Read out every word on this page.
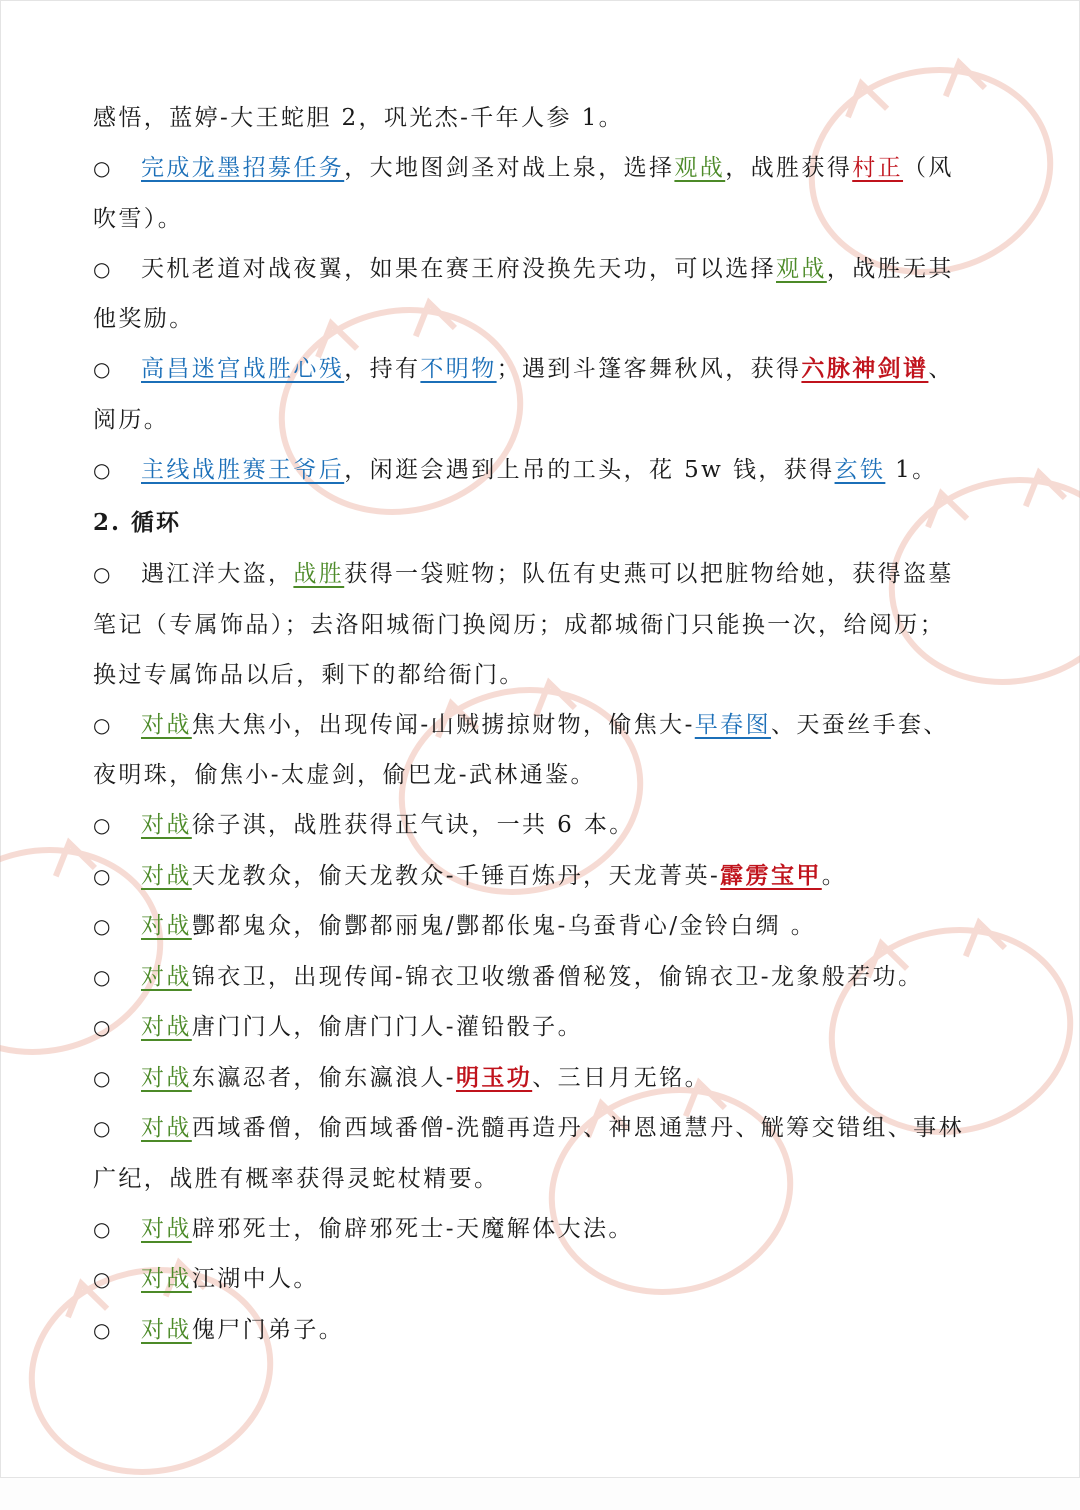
感悟，蓝婷-大王蛇胆 2，巩光杰-千年人参 1。
○ 完成龙墨招募任务，大地图剑圣对战上泉，选择观战，战胜获得村正（风
吹雪）。
○ 天机老道对战夜翼，如果在赛王府没换先天功，可以选择观战，战胜无其
他奖励。
○ 高昌迷宫战胜心残，持有不明物；遇到斗篷客舞秋风，获得六脉神剑谱、
阅历。
○ 主线战胜赛王爷后，闲逛会遇到上吊的工头，花 5w 钱，获得玄铁 1。
2. 循环
○ 遇江洋大盗，战胜获得一袋赃物；队伍有史燕可以把脏物给她，获得盗墓
笔记（专属饰品）；去洛阳城衙门换阅历；成都城衙门只能换一次，给阅历；
换过专属饰品以后，剩下的都给衙门。
○ 对战焦大焦小，出现传闻-山贼掳掠财物，偷焦大-早春图、天蚕丝手套、
夜明珠，偷焦小-太虚剑，偷巴龙-武林通鉴。
○ 对战徐子淇，战胜获得正气诀，一共 6 本。
○ 对战天龙教众，偷天龙教众-千锤百炼丹，天龙菁英-霹雳宝甲。
○ 对战酆都鬼众，偷酆都丽鬼/酆都伥鬼-乌蚕背心/金铃白绸 。
○ 对战锦衣卫，出现传闻-锦衣卫收缴番僧秘笈，偷锦衣卫-龙象般若功。
○ 对战唐门门人，偷唐门门人-灌铅骰子。
○ 对战东瀛忍者，偷东瀛浪人-明玉功、三日月无铭。
○ 对战西域番僧，偷西域番僧-洗髓再造丹、神恩通慧丹、觥筹交错组、事林
广纪，战胜有概率获得灵蛇杖精要。
○ 对战辟邪死士，偷辟邪死士-天魔解体大法。
○ 对战江湖中人。
○ 对战傀尸门弟子。
